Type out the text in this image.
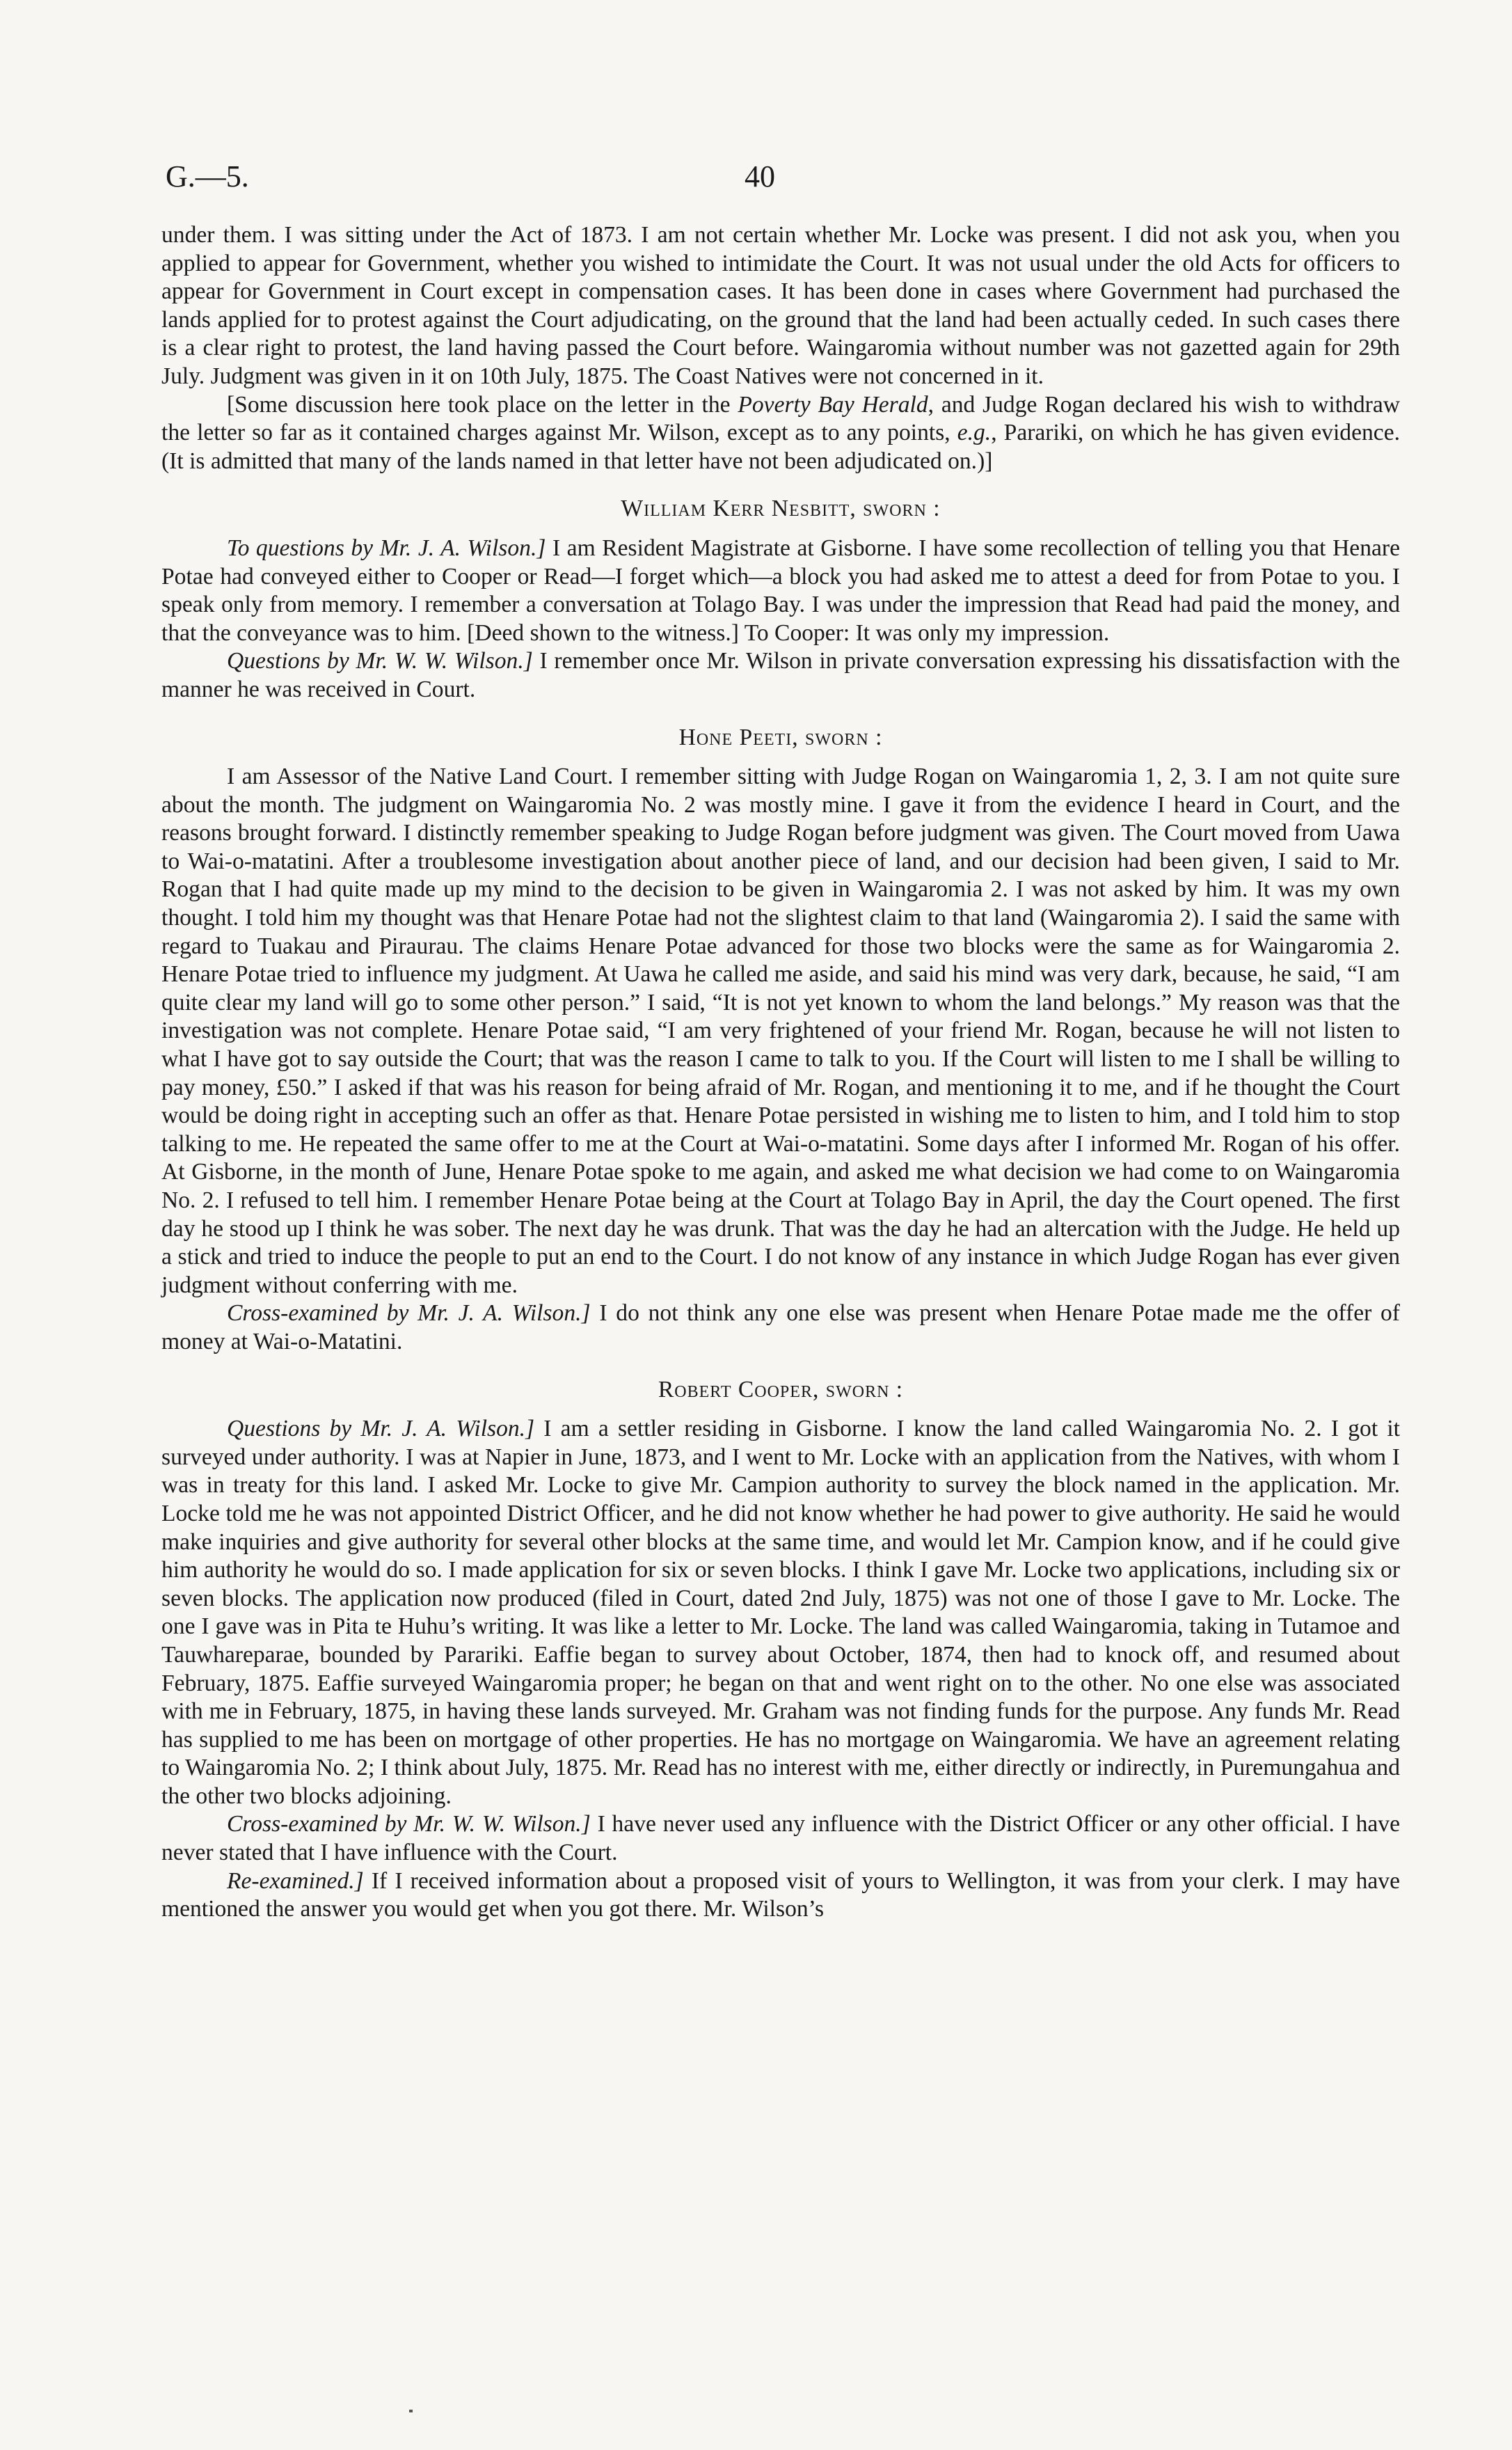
G.—5.	40

under them. I was sitting under the Act of 1873. I am not certain whether Mr. Locke was present. I did not ask you, when you applied to appear for Government, whether you wished to intimidate the Court. It was not usual under the old Acts for officers to appear for Government in Court except in compensation cases. It has been done in cases where Government had purchased the lands applied for to protest against the Court adjudicating, on the ground that the land had been actually ceded. In such cases there is a clear right to protest, the land having passed the Court before. Waingaromia without number was not gazetted again for 29th July. Judgment was given in it on 10th July, 1875. The Coast Natives were not concerned in it.

[Some discussion here took place on the letter in the Poverty Bay Herald, and Judge Rogan declared his wish to withdraw the letter so far as it contained charges against Mr. Wilson, except as to any points, e.g., Parariki, on which he has given evidence. (It is admitted that many of the lands named in that letter have not been adjudicated on.)]

William Kerr Nesbitt, sworn :

To questions by Mr. J. A. Wilson.] I am Resident Magistrate at Gisborne. I have some recollection of telling you that Henare Potae had conveyed either to Cooper or Read—I forget which—a block you had asked me to attest a deed for from Potae to you. I speak only from memory. I remember a conversation at Tolago Bay. I was under the impression that Read had paid the money, and that the conveyance was to him. [Deed shown to the witness.] To Cooper: It was only my impression.

Questions by Mr. W. W. Wilson.] I remember once Mr. Wilson in private conversation expressing his dissatisfaction with the manner he was received in Court.

Hone Peeti, sworn :

I am Assessor of the Native Land Court. I remember sitting with Judge Rogan on Waingaromia 1, 2, 3. I am not quite sure about the month. The judgment on Waingaromia No. 2 was mostly mine. I gave it from the evidence I heard in Court, and the reasons brought forward. I distinctly remember speaking to Judge Rogan before judgment was given. The Court moved from Uawa to Wai-o-matatini. After a troublesome investigation about another piece of land, and our decision had been given, I said to Mr. Rogan that I had quite made up my mind to the decision to be given in Waingaromia 2. I was not asked by him. It was my own thought. I told him my thought was that Henare Potae had not the slightest claim to that land (Waingaromia 2). I said the same with regard to Tuakau and Piraurau. The claims Henare Potae advanced for those two blocks were the same as for Waingaromia 2. Henare Potae tried to influence my judgment. At Uawa he called me aside, and said his mind was very dark, because, he said, “I am quite clear my land will go to some other person.” I said, “It is not yet known to whom the land belongs.” My reason was that the investigation was not complete. Henare Potae said, “I am very frightened of your friend Mr. Rogan, because he will not listen to what I have got to say outside the Court; that was the reason I came to talk to you. If the Court will listen to me I shall be willing to pay money, £50.” I asked if that was his reason for being afraid of Mr. Rogan, and mentioning it to me, and if he thought the Court would be doing right in accepting such an offer as that. Henare Potae persisted in wishing me to listen to him, and I told him to stop talking to me. He repeated the same offer to me at the Court at Wai-o-matatini. Some days after I informed Mr. Rogan of his offer. At Gisborne, in the month of June, Henare Potae spoke to me again, and asked me what decision we had come to on Waingaromia No. 2. I refused to tell him. I remember Henare Potae being at the Court at Tolago Bay in April, the day the Court opened. The first day he stood up I think he was sober. The next day he was drunk. That was the day he had an altercation with the Judge. He held up a stick and tried to induce the people to put an end to the Court. I do not know of any instance in which Judge Rogan has ever given judgment without conferring with me.

Cross-examined by Mr. J. A. Wilson.] I do not think any one else was present when Henare Potae made me the offer of money at Wai-o-Matatini.

Robert Cooper, sworn :

Questions by Mr. J. A. Wilson.] I am a settler residing in Gisborne. I know the land called Waingaromia No. 2. I got it surveyed under authority. I was at Napier in June, 1873, and I went to Mr. Locke with an application from the Natives, with whom I was in treaty for this land. I asked Mr. Locke to give Mr. Campion authority to survey the block named in the application. Mr. Locke told me he was not appointed District Officer, and he did not know whether he had power to give authority. He said he would make inquiries and give authority for several other blocks at the same time, and would let Mr. Campion know, and if he could give him authority he would do so. I made application for six or seven blocks. I think I gave Mr. Locke two applications, including six or seven blocks. The application now produced (filed in Court, dated 2nd July, 1875) was not one of those I gave to Mr. Locke. The one I gave was in Pita te Huhu’s writing. It was like a letter to Mr. Locke. The land was called Waingaromia, taking in Tutamoe and Tauwhareparae, bounded by Parariki. Eaffie began to survey about October, 1874, then had to knock off, and resumed about February, 1875. Eaffie surveyed Waingaromia proper; he began on that and went right on to the other. No one else was associated with me in February, 1875, in having these lands surveyed. Mr. Graham was not finding funds for the purpose. Any funds Mr. Read has supplied to me has been on mortgage of other properties. He has no mortgage on Waingaromia. We have an agreement relating to Waingaromia No. 2; I think about July, 1875. Mr. Read has no interest with me, either directly or indirectly, in Puremungahua and the other two blocks adjoining.

Cross-examined by Mr. W. W. Wilson.] I have never used any influence with the District Officer or any other official. I have never stated that I have influence with the Court.

Re-examined.] If I received information about a proposed visit of yours to Wellington, it was from your clerk. I may have mentioned the answer you would get when you got there. Mr. Wilson’s
